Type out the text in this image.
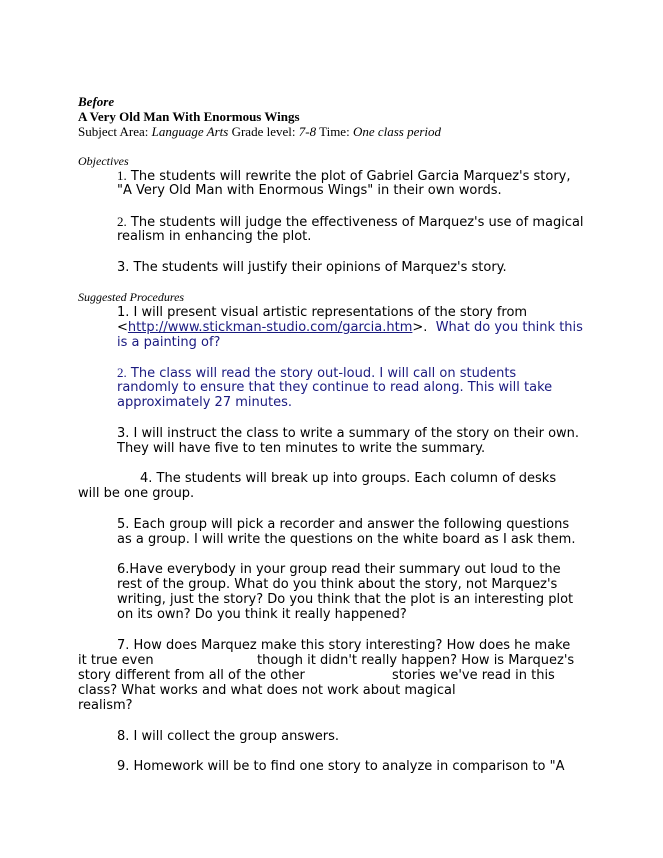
Before
A Very Old Man With Enormous Wings
Subject Area: Language Arts Grade level: 7-8 Time: One class period
Objectives
1. The students will rewrite the plot of Gabriel Garcia Marquez's story,
"A Very Old Man with Enormous Wings" in their own words.
2. The students will judge the effectiveness of Marquez's use of magical
realism in enhancing the plot.
3. The students will justify their opinions of Marquez's story.
Suggested Procedures
1. I will present visual artistic representations of the story from
<http://www.stickman-studio.com/garcia.htm>. What do you think this
is a painting of?
2. The class will read the story out-loud. I will call on students
randomly to ensure that they continue to read along. This will take
approximately 27 minutes.
3. I will instruct the class to write a summary of the story on their own.
They will have five to ten minutes to write the summary.
4. The students will break up into groups. Each column of desks
will be one group.
5. Each group will pick a recorder and answer the following questions
as a group. I will write the questions on the white board as I ask them.
6.Have everybody in your group read their summary out loud to the
rest of the group. What do you think about the story, not Marquez's
writing, just the story? Do you think that the plot is an interesting plot
on its own? Do you think it really happened?
7. How does Marquez make this story interesting? How does he make
it true even	though it didn't really happen? How is Marquez's
story different from all of the other	stories we've read in this
class? What works and what does not work about magical
realism?
8. I will collect the group answers.
9. Homework will be to find one story to analyze in comparison to "A
